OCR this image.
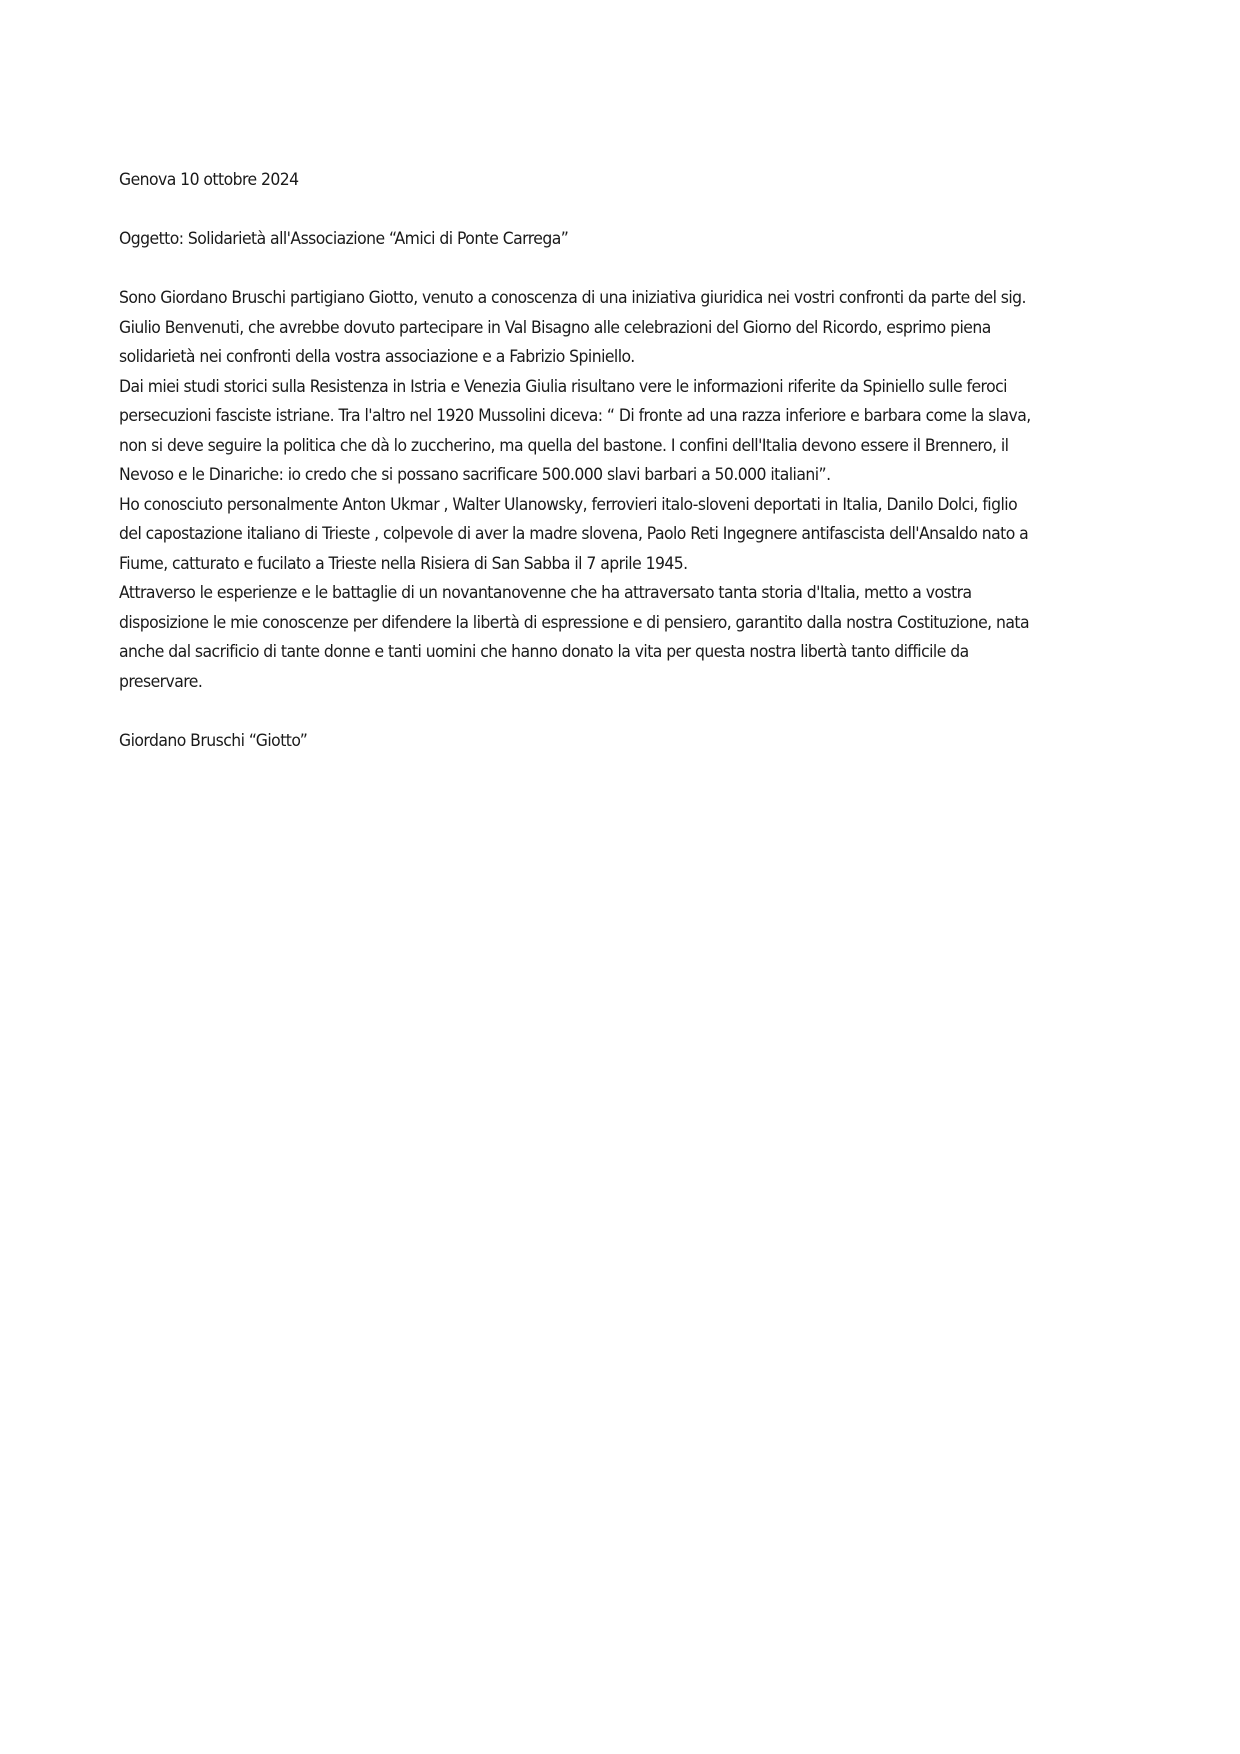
Genova 10 ottobre 2024

Oggetto: Solidarietà all'Associazione “Amici di Ponte Carrega”

Sono Giordano Bruschi partigiano Giotto, venuto a conoscenza di una iniziativa giuridica nei vostri confronti da parte del sig. Giulio Benvenuti, che avrebbe dovuto partecipare in Val Bisagno alle celebrazioni del Giorno del Ricordo, esprimo piena solidarietà nei confronti della vostra associazione e a Fabrizio Spiniello.

Dai miei studi storici sulla Resistenza in Istria e Venezia Giulia risultano vere le informazioni riferite da Spiniello sulle feroci persecuzioni fasciste istriane. Tra l'altro nel 1920 Mussolini diceva: “ Di fronte ad una razza inferiore e barbara come la slava, non si deve seguire la politica che dà lo zuccherino, ma quella del bastone. I confini dell'Italia devono essere il Brennero, il Nevoso e le Dinariche: io credo che si possano sacrificare 500.000 slavi barbari a 50.000 italiani”.

Ho conosciuto personalmente Anton Ukmar , Walter Ulanowsky, ferrovieri italo-sloveni deportati in Italia, Danilo Dolci, figlio del capostazione italiano di Trieste , colpevole di aver la madre slovena, Paolo Reti Ingegnere antifascista dell'Ansaldo nato a Fiume, catturato e fucilato a Trieste nella Risiera di San Sabba il 7 aprile 1945.

Attraverso le esperienze e le battaglie di un novantanovenne che ha attraversato tanta storia d'Italia, metto a vostra disposizione le mie conoscenze per difendere la libertà di espressione e di pensiero, garantito dalla nostra Costituzione, nata anche dal sacrificio di tante donne e tanti uomini che hanno donato la vita per questa nostra libertà tanto difficile da preservare.

Giordano Bruschi “Giotto”
